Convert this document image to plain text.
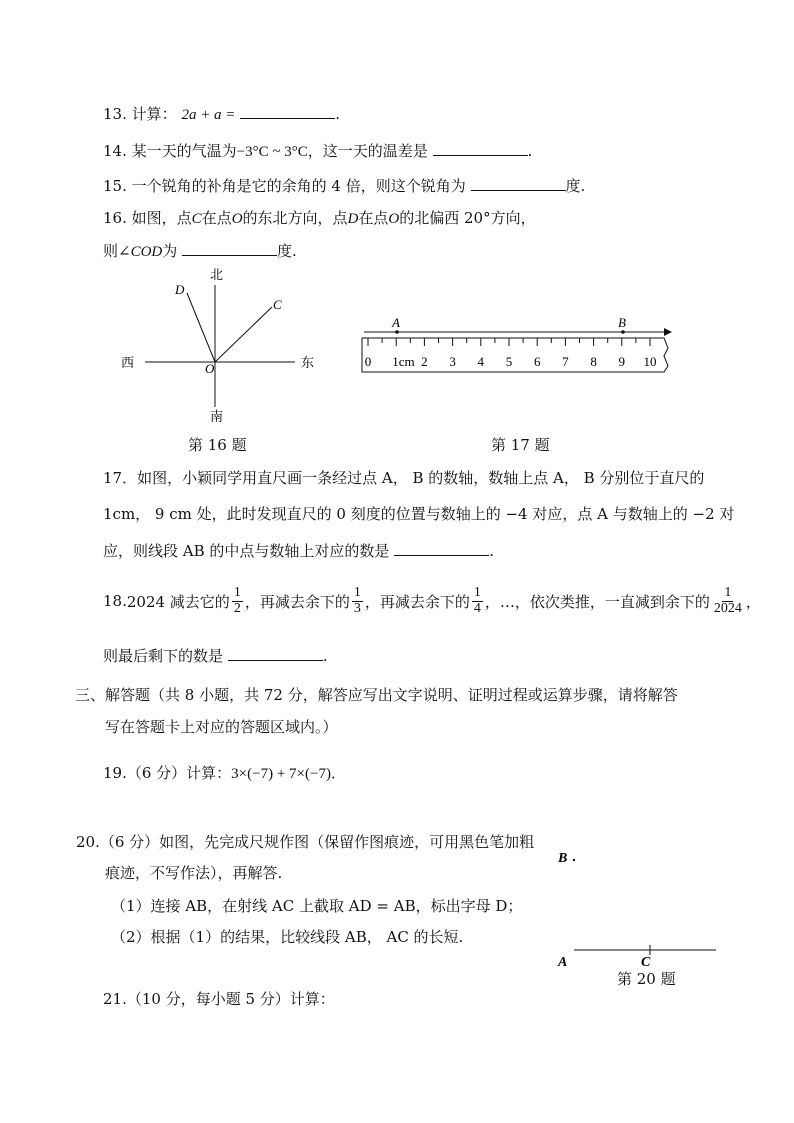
13. 计算： 2a + a =	.
14. 某一天的气温为−3°C ~ 3°C，这一天的温差是	.
15. 一个锐角的补角是它的余角的 4 倍，则这个锐角为	度.
16. 如图，点C在点O的东北方向，点D在点O的北偏西 20°方向，
则∠COD为	度.
北
南
西	东
O
C
D
第 16 题
A	B
0 1cm 2 3 4 5 6 7 8 9 10
第 17 题
17．如图，小颖同学用直尺画一条经过点 A， B 的数轴，数轴上点 A， B 分别位于直尺的
1cm， 9 cm 处，此时发现直尺的 0 刻度的位置与数轴上的 −4 对应，点 A 与数轴上的 −2 对
应，则线段 AB 的中点与数轴上对应的数是	.
18. 2024 减去它的 $\frac{1}{2}$ ，再减去余下的 $\frac{1}{3}$ ，再减去余下的 $\frac{1}{4}$ ，…，依次类推，一直减到余下的 $\frac{1}{2024}$ ，
则最后剩下的数是	.
三、解答题（共 8 小题，共 72 分，解答应写出文字说明、证明过程或运算步骤，请将解答
写在答题卡上对应的答题区域内。）
19.（6 分）计算：3×(−7) + 7×(−7)．
20.（6 分）如图，先完成尺规作图（保留作图痕迹，可用黑色笔加粗
痕迹，不写作法），再解答.
（1）连接 AB，在射线 AC 上截取 AD = AB，标出字母 D；
（2）根据（1）的结果，比较线段 AB， AC 的长短.
B
A	C
第 20 题
21.（10 分，每小题 5 分）计算：
